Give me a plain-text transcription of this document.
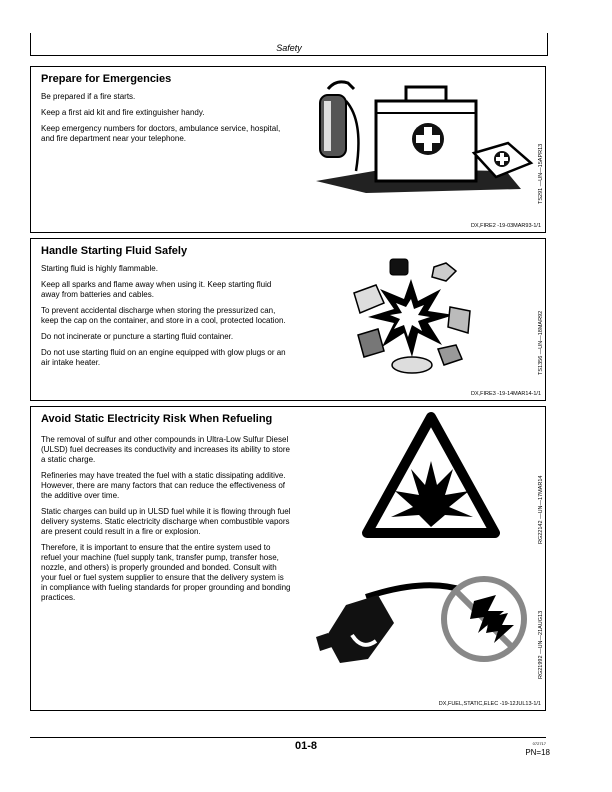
Safety
Prepare for Emergencies

Be prepared if a fire starts.

Keep a first aid kit and fire extinguisher handy.

Keep emergency numbers for doctors, ambulance service, hospital, and fire department near your telephone.

TS291 —UN—15APR13
DX,FIRE2 -19-03MAR93-1/1
Handle Starting Fluid Safely

Starting fluid is highly flammable.

Keep all sparks and flame away when using it. Keep starting fluid away from batteries and cables.

To prevent accidental discharge when storing the pressurized can, keep the cap on the container, and store in a cool, protected location.

Do not incinerate or puncture a starting fluid container.

Do not use starting fluid on an engine equipped with glow plugs or an air intake heater.	TS1356 —UN—18MAR92
DX,FIRE3 -19-14MAR14-1/1
Avoid Static Electricity Risk When Refueling

The removal of sulfur and other compounds in Ultra-Low Sulfur Diesel (ULSD) fuel decreases its conductivity and increases its ability to store a static charge.

Refineries may have treated the fuel with a static dissipating additive. However, there are many factors that can reduce the effectiveness of the additive over time.

Static charges can build up in ULSD fuel while it is flowing through fuel delivery systems. Static electricity discharge when combustible vapors are present could result in a fire or explosion.

Therefore, it is important to ensure that the entire system used to refuel your machine (fuel supply tank, transfer pump, transfer hose, nozzle, and others) is properly grounded and bonded. Consult with your fuel or fuel system supplier to ensure that the delivery system is in compliance with fueling standards for proper grounding and bonding practices.

RG22142 —UN—17MAR14
RG21992 —UN—21AUG13
DX,FUEL,STATIC,ELEC -19-12JUL13-1/1
01-8	072717
PN=18
